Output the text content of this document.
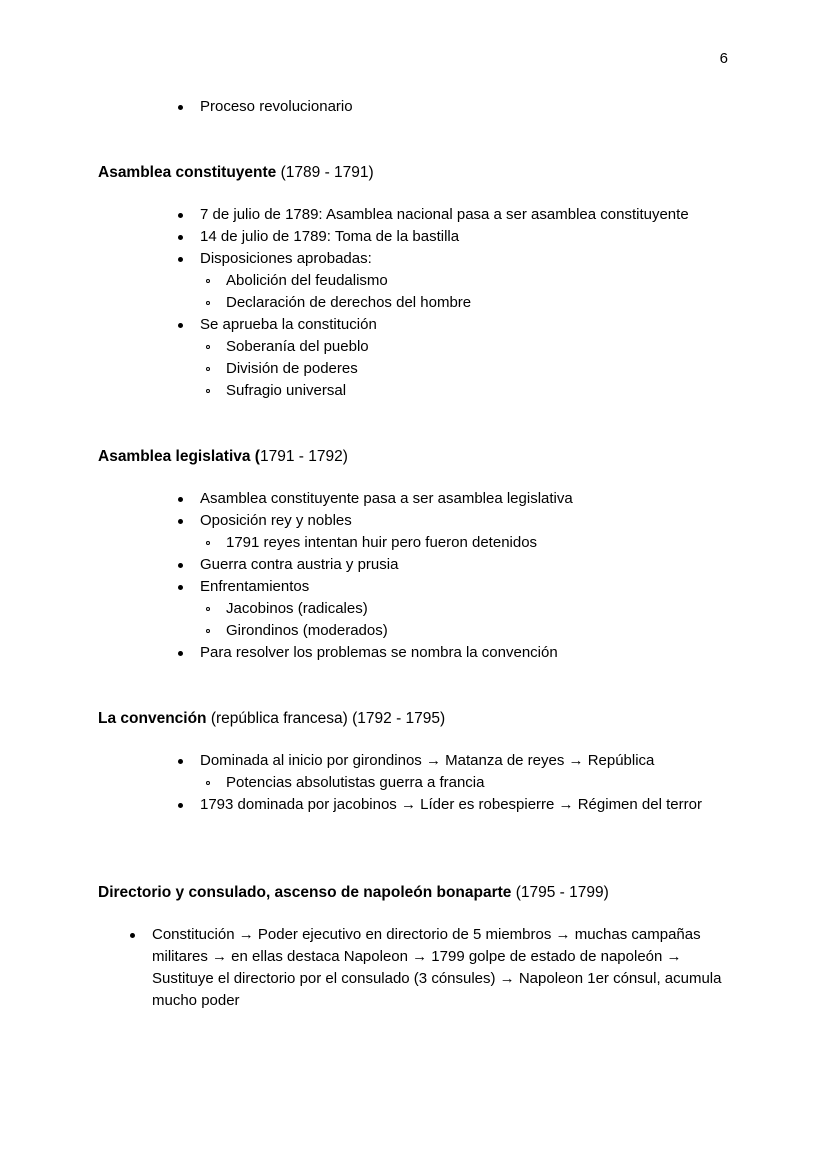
6
Proceso revolucionario
Asamblea constituyente (1789 - 1791)
7 de julio de 1789: Asamblea nacional pasa a ser asamblea constituyente
14 de julio de 1789: Toma de la bastilla
Disposiciones aprobadas:
Abolición del feudalismo
Declaración de derechos del hombre
Se aprueba la constitución
Soberanía del pueblo
División de poderes
Sufragio universal
Asamblea legislativa (1791 - 1792)
Asamblea constituyente pasa a ser asamblea legislativa
Oposición rey y nobles
1791 reyes intentan huir pero fueron detenidos
Guerra contra austria y prusia
Enfrentamientos
Jacobinos (radicales)
Girondinos (moderados)
Para resolver los problemas se nombra la convención
La convención (república francesa) (1792 - 1795)
Dominada al inicio por girondinos → Matanza de reyes → República
Potencias absolutistas guerra a francia
1793 dominada por jacobinos → Líder es robespierre → Régimen del terror
Directorio y consulado, ascenso de napoleón bonaparte (1795 - 1799)
Constitución → Poder ejecutivo en directorio de 5 miembros → muchas campañas militares → en ellas destaca Napoleon → 1799 golpe de estado de napoleón → Sustituye el directorio por el consulado (3 cónsules) → Napoleon 1er cónsul, acumula mucho poder
